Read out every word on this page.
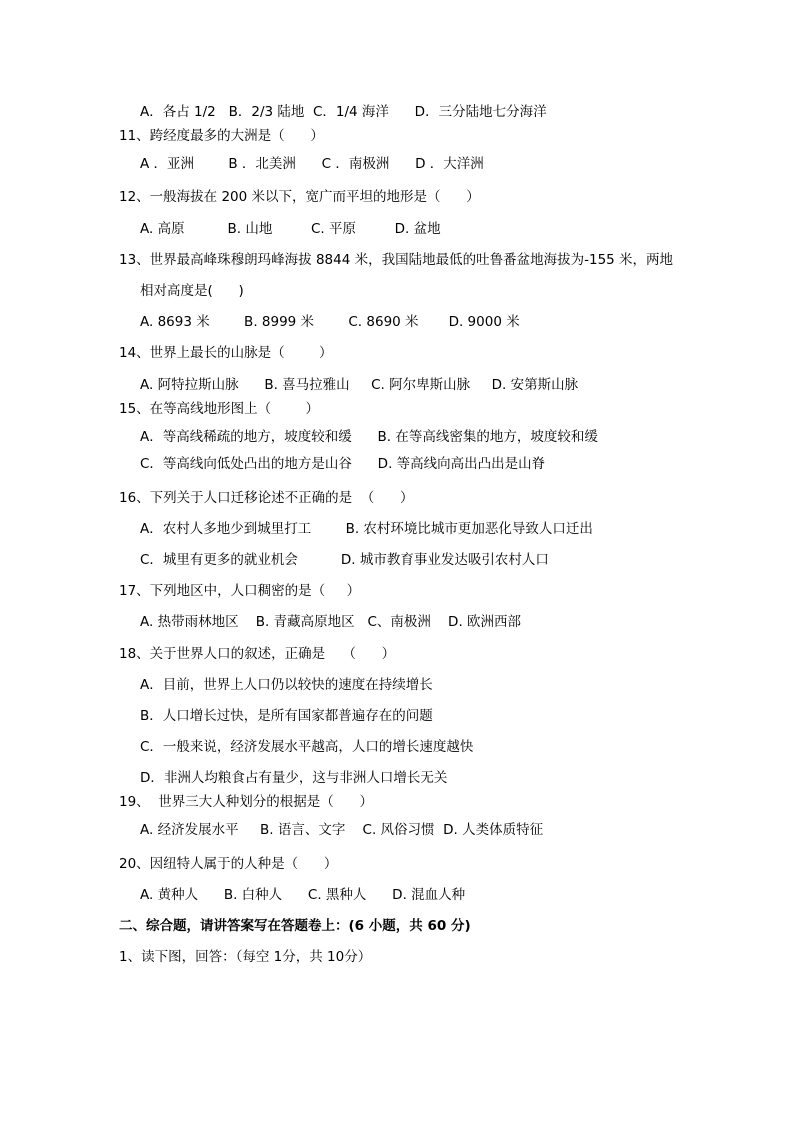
A．各占 1/2   B．2/3 陆地  C．1/4 海洋      D．三分陆地七分海洋
11、跨经度最多的大洲是（      ）
A ．亚洲        B ．北美洲      C ．南极洲      D ．大洋洲
12、一般海拔在 200 米以下，宽广而平坦的地形是（      ）
A. 高原          B. 山地         C. 平原         D. 盆地
13、世界最高峰珠穆朗玛峰海拔 8844 米，我国陆地最低的吐鲁番盆地海拔为-155 米，两地
相对高度是(      )
A. 8693 米        B. 8999 米        C. 8690 米       D. 9000 米
14、世界上最长的山脉是（        ）
A. 阿特拉斯山脉      B. 喜马拉雅山     C. 阿尔卑斯山脉     D. 安第斯山脉
15、在等高线地形图上（        ）
A．等高线稀疏的地方，坡度较和缓      B. 在等高线密集的地方，坡度较和缓
C．等高线向低处凸出的地方是山谷      D. 等高线向高出凸出是山脊
16、下列关于人口迁移论述不正确的是  （      ）
A．农村人多地少到城里打工        B. 农村环境比城市更加恶化导致人口迁出
C．城里有更多的就业机会          D. 城市教育事业发达吸引农村人口
17、下列地区中，人口稠密的是（     ）
A. 热带雨林地区    B. 青藏高原地区   C、南极洲    D. 欧洲西部
18、关于世界人口的叙述，正确是    （      ）
A．目前，世界上人口仍以较快的速度在持续增长
B．人口增长过快，是所有国家都普遍存在的问题
C．一般来说，经济发展水平越高，人口的增长速度越快
D．非洲人均粮食占有量少，这与非洲人口增长无关
19、  世界三大人种划分的根据是（      ）
A. 经济发展水平     B. 语言、文字    C. 风俗习惯  D. 人类体质特征
20、因纽特人属于的人种是（      ）
A. 黄种人      B. 白种人      C. 黑种人      D. 混血人种
二、综合题，请讲答案写在答题卷上：(6 小题，共 60 分)
1、读下图，回答：（每空 1分，共 10分）
